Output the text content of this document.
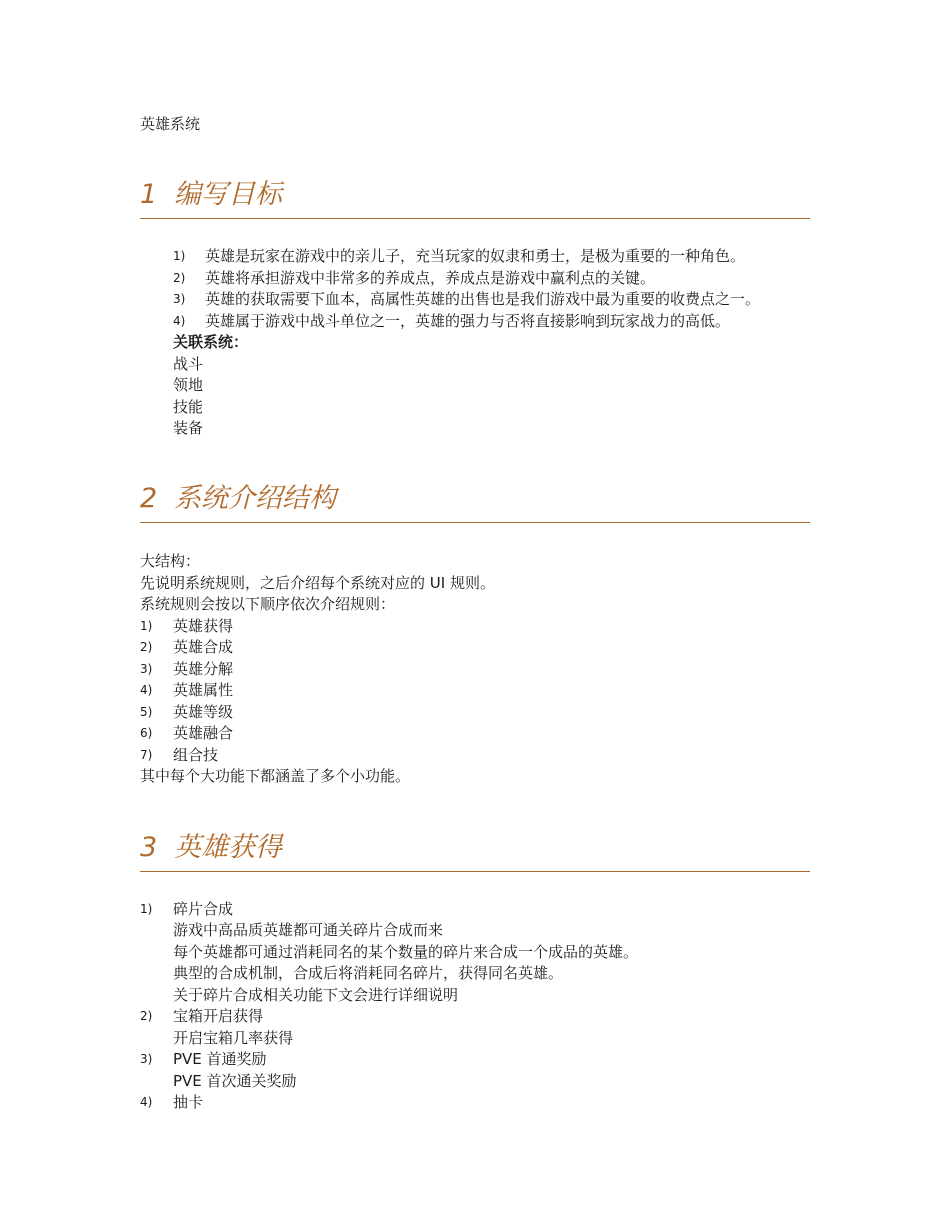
英雄系统
1 编写目标
1) 英雄是玩家在游戏中的亲儿子，充当玩家的奴隶和勇士，是极为重要的一种角色。
2) 英雄将承担游戏中非常多的养成点，养成点是游戏中赢利点的关键。
3) 英雄的获取需要下血本，高属性英雄的出售也是我们游戏中最为重要的收费点之一。
4) 英雄属于游戏中战斗单位之一，英雄的强力与否将直接影响到玩家战力的高低。
关联系统：
战斗
领地
技能
装备
2 系统介绍结构
大结构：
先说明系统规则，之后介绍每个系统对应的 UI 规则。
系统规则会按以下顺序依次介绍规则：
1) 英雄获得
2) 英雄合成
3) 英雄分解
4) 英雄属性
5) 英雄等级
6) 英雄融合
7) 组合技
其中每个大功能下都涵盖了多个小功能。
3 英雄获得
1) 碎片合成
游戏中高品质英雄都可通关碎片合成而来
每个英雄都可通过消耗同名的某个数量的碎片来合成一个成品的英雄。
典型的合成机制，合成后将消耗同名碎片，获得同名英雄。
关于碎片合成相关功能下文会进行详细说明
2) 宝箱开启获得
开启宝箱几率获得
3) PVE 首通奖励
PVE 首次通关奖励
4) 抽卡
